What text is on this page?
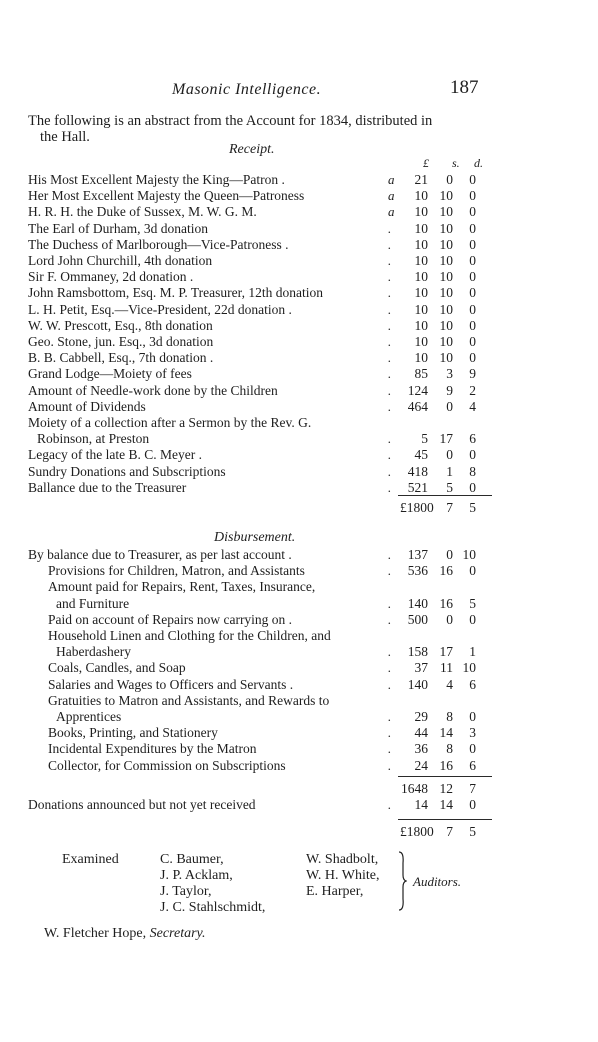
Masonic Intelligence.	187
The following is an abstract from the Account for 1834, distributed in
the Hall.
Receipt.
£ s. d.
His Most Excellent Majesty the King—Patron .	a	21	0	0
Her Most Excellent Majesty the Queen—Patroness	a	10 10	0
H. R. H. the Duke of Sussex, M. W. G. M.	a	10 10	0
The Earl of Durham, 3d donation	.	10 10	0
The Duchess of Marlborough—Vice-Patroness .	.	10 10	0
Lord John Churchill, 4th donation	.	10 10	0
Sir F. Ommaney, 2d donation .	.	10 10	0
John Ramsbottom, Esq. M. P. Treasurer, 12th donation	.	10 10	0
L. H. Petit, Esq.—Vice-President, 22d donation .	.	10 10	0
W. W. Prescott, Esq., 8th donation	.	10 10	0
Geo. Stone, jun. Esq., 3d donation	.	10 10	0
B. B. Cabbell, Esq., 7th donation .	.	10 10	0
Grand Lodge—Moiety of fees	.	85	3	9
Amount of Needle-work done by the Children	.	124	9	2
Amount of Dividends	.	464	0	4
Moiety of a collection after a Sermon by the Rev. G.
Robinson, at Preston	.	5 17	6
Legacy of the late B. C. Meyer .	.	45	0	0
Sundry Donations and Subscriptions	.	418	1	8
Ballance due to the Treasurer	.	521	5	0
£1800 7	5
Disbursement.
By balance due to Treasurer, as per last account .	.	137	0 10
Provisions for Children, Matron, and Assistants	.	536 16	0
Amount paid for Repairs, Rent, Taxes, Insurance,
and Furniture	.	140 16	5
Paid on account of Repairs now carrying on .	.	500	0	0
Household Linen and Clothing for the Children, and
Haberdashery	.	158 17	1
Coals, Candles, and Soap	.	37 11 10
Salaries and Wages to Officers and Servants .	.	140	4	6
Gratuities to Matron and Assistants, and Rewards to
Apprentices	.	29	8	0
Books, Printing, and Stationery	.	44 14	3
Incidental Expenditures by the Matron	.	36	8	0
Collector, for Commission on Subscriptions	.	24 16	6
1648 12	7
Donations announced but not yet received	.	14 14	0
£1800 7	5
Examined	C. Baumer,
J. P. Acklam,
J. Taylor,
J. C. Stahlschmidt,
W. Shadbolt,
W. H. White,
E. Harper,
Auditors.
W. Fletcher Hope, Secretary.
